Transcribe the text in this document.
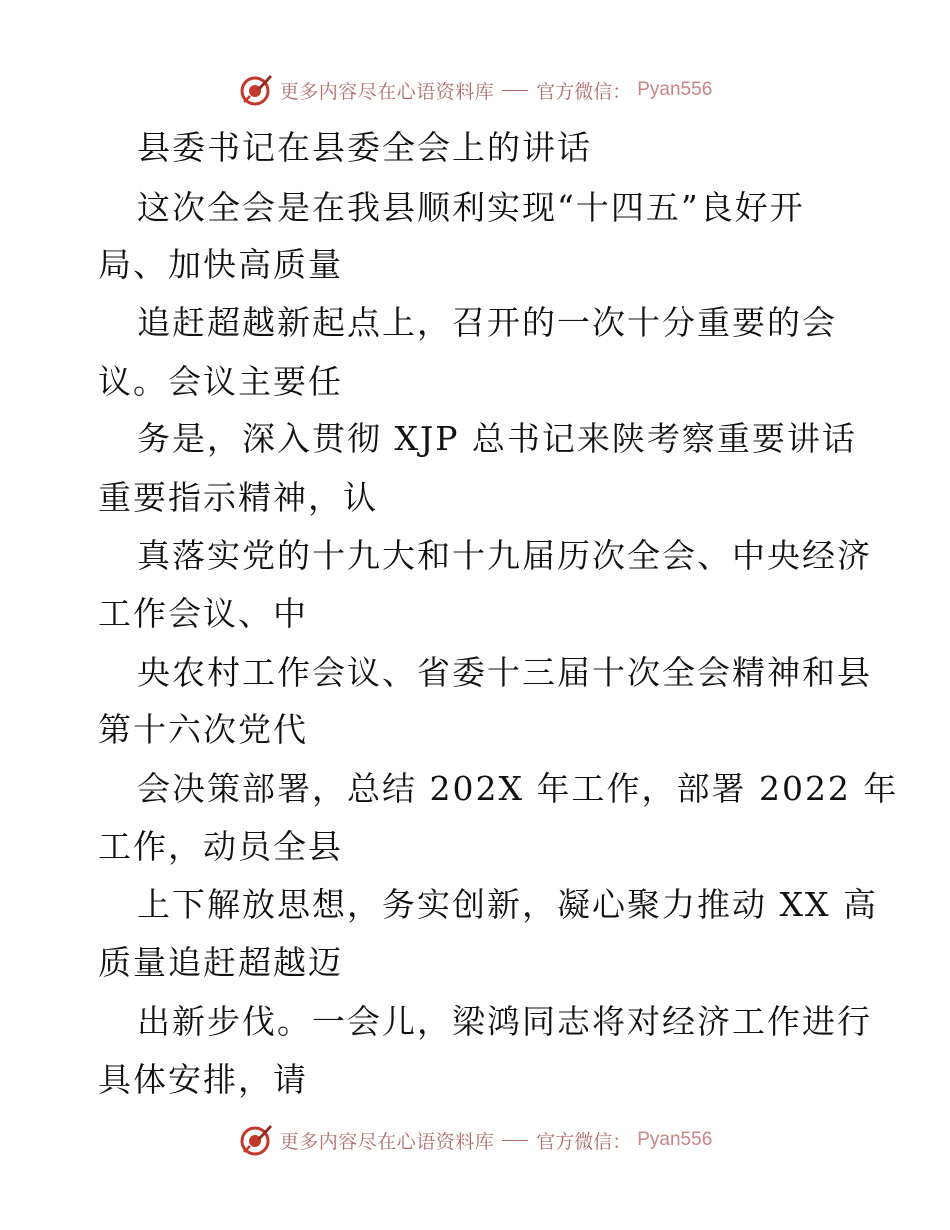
更多内容尽在心语资料库 官方微信： Pyan556
县委书记在县委全会上的讲话
这次全会是在我县顺利实现“十四五”良好开
局、加快高质量
追赶超越新起点上，召开的一次十分重要的会
议。会议主要任
务是，深入贯彻 XJP 总书记来陕考察重要讲话
重要指示精神，认
真落实党的十九大和十九届历次全会、中央经济
工作会议、中
央农村工作会议、省委十三届十次全会精神和县
第十六次党代
会决策部署，总结 202X 年工作，部署 2022 年
工作，动员全县
上下解放思想，务实创新，凝心聚力推动 XX 高
质量追赶超越迈
出新步伐。一会儿，梁鸿同志将对经济工作进行
具体安排，请
更多内容尽在心语资料库 官方微信： Pyan556
